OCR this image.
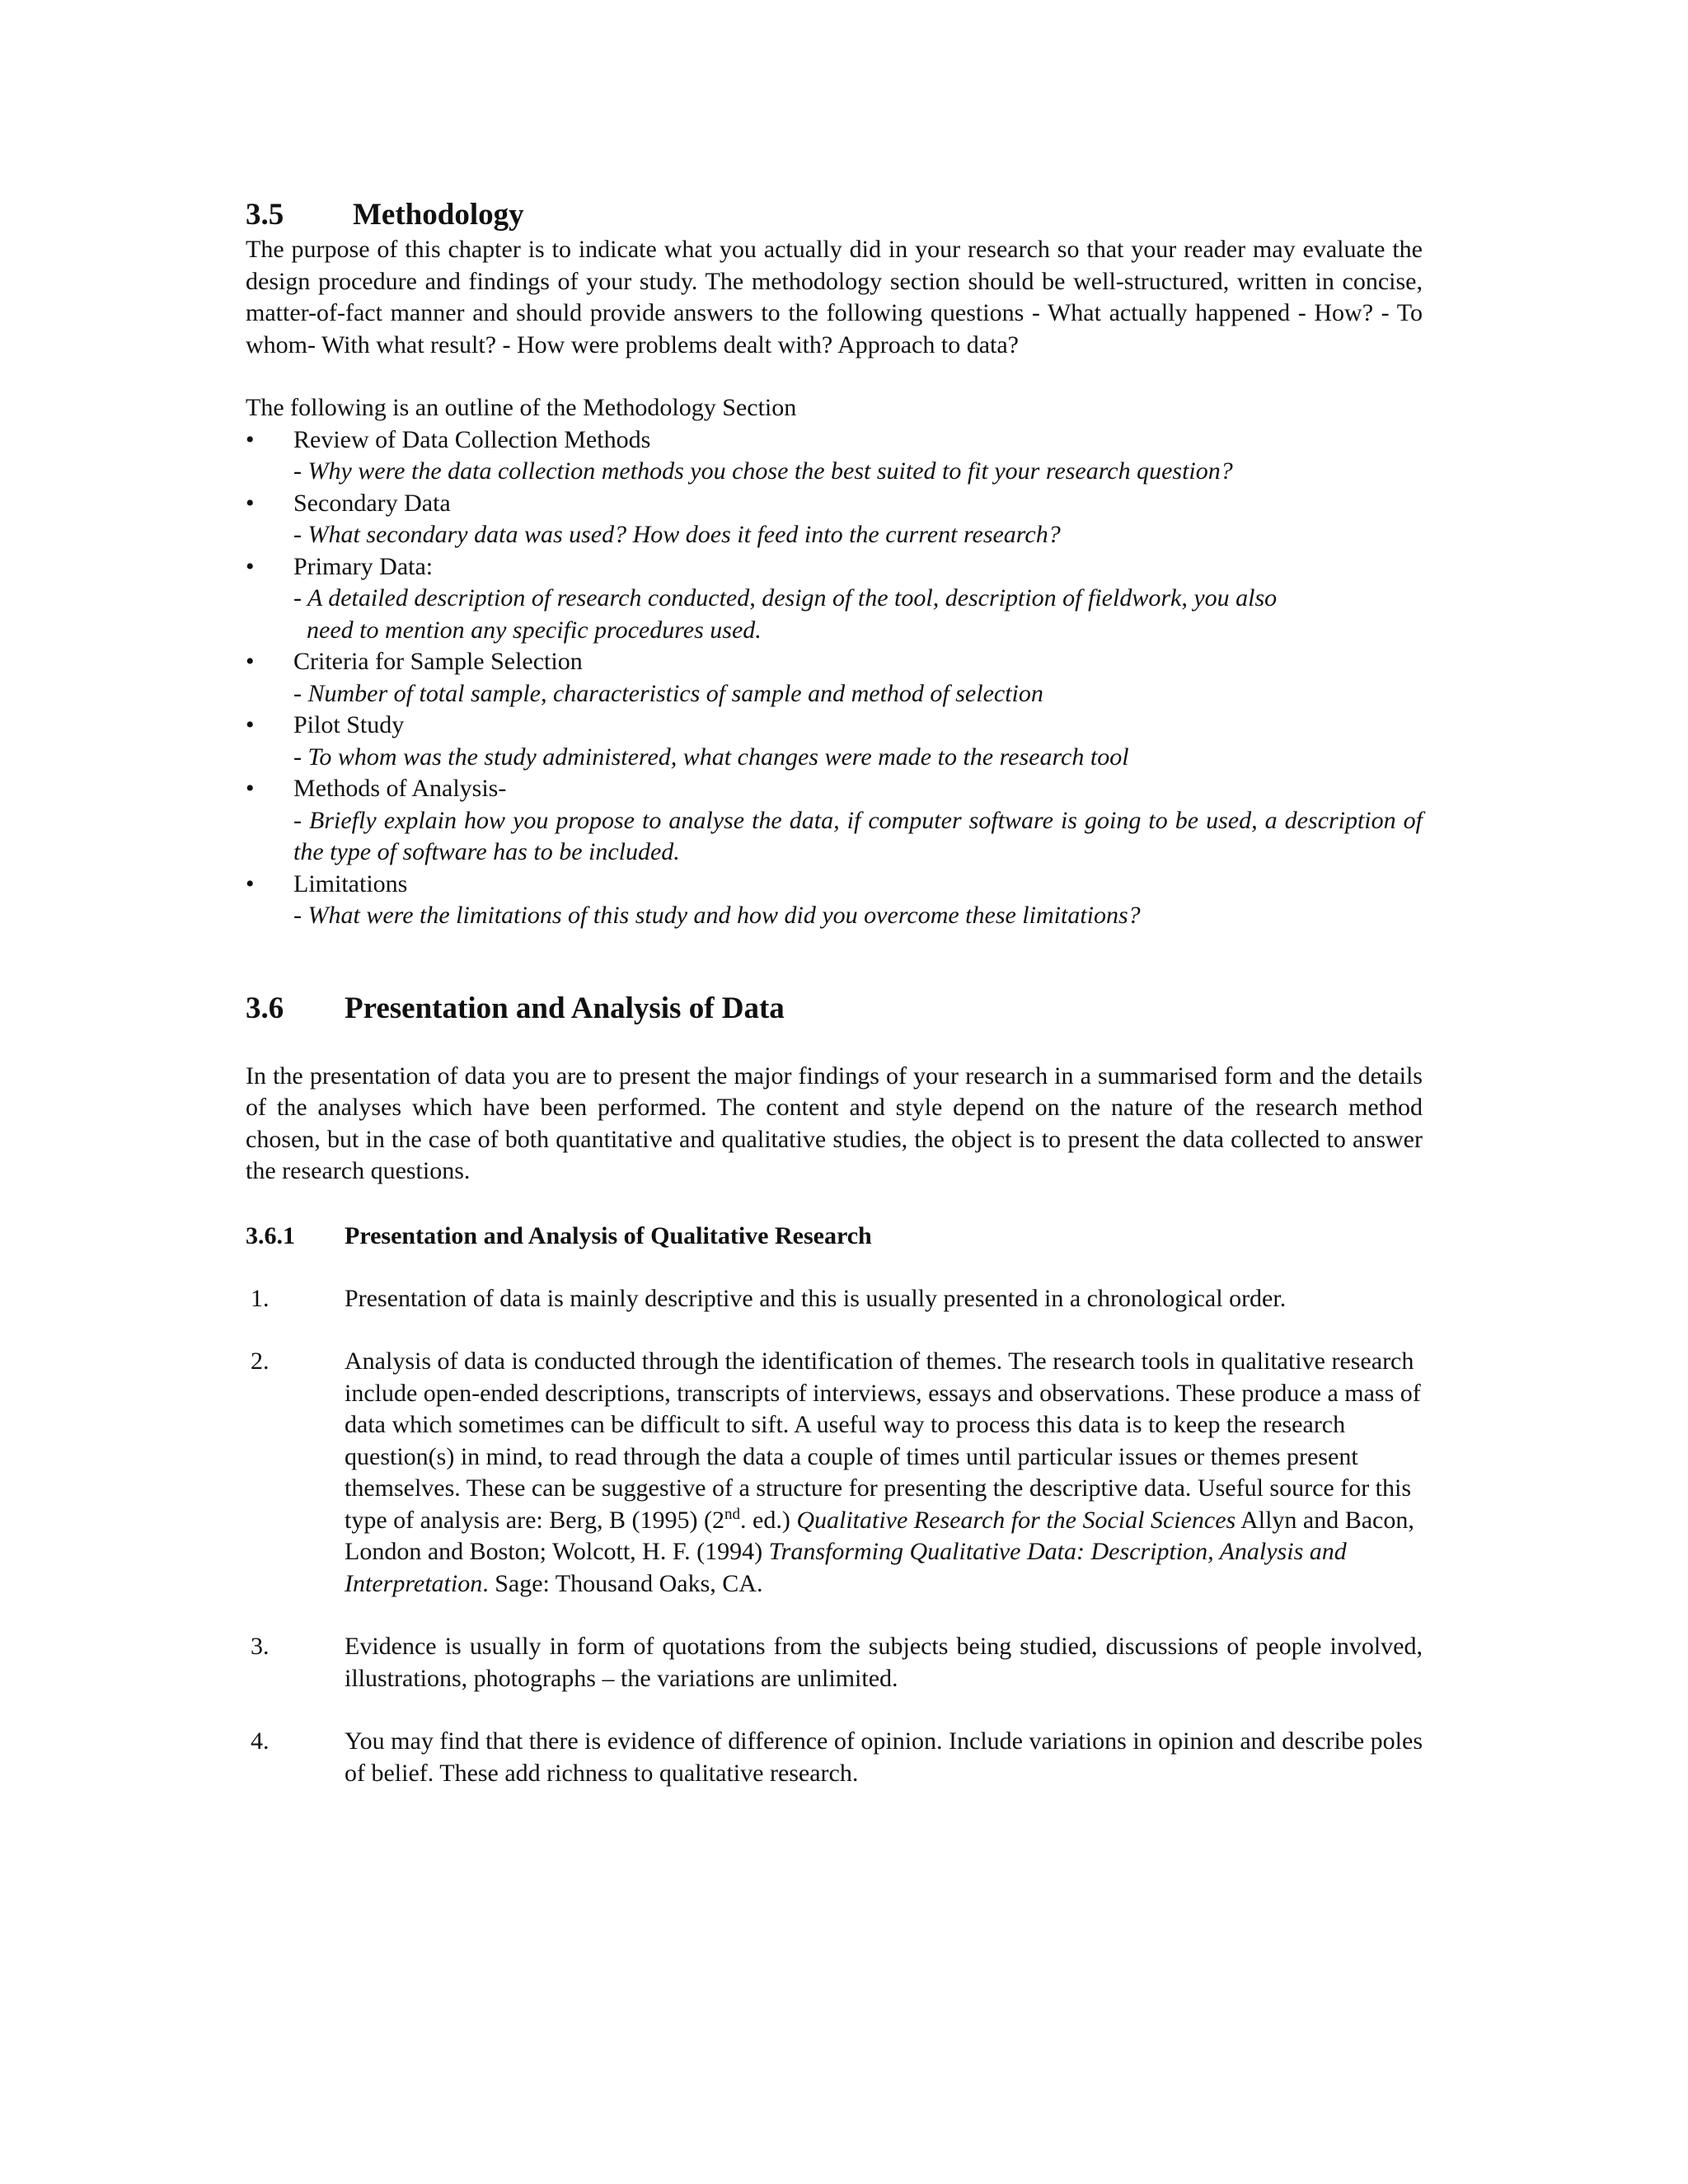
3.5 Methodology

The purpose of this chapter is to indicate what you actually did in your research so that your reader may evaluate the design procedure and findings of your study. The methodology section should be well-structured, written in concise, matter-of-fact manner and should provide answers to the following questions - What actually happened - How? - To whom- With what result? - How were problems dealt with? Approach to data?

The following is an outline of the Methodology Section

• Review of Data Collection Methods
- Why were the data collection methods you chose the best suited to fit your research question?
• Secondary Data
- What secondary data was used? How does it feed into the current research?
• Primary Data:
- A detailed description of research conducted, design of the tool, description of fieldwork, you also
need to mention any specific procedures used.
• Criteria for Sample Selection
- Number of total sample, characteristics of sample and method of selection
• Pilot Study
- To whom was the study administered, what changes were made to the research tool
• Methods of Analysis-
- Briefly explain how you propose to analyse the data, if computer software is going to be used, a description of the type of software has to be included.
• Limitations
- What were the limitations of this study and how did you overcome these limitations?
3.6 Presentation and Analysis of Data

In the presentation of data you are to present the major findings of your research in a summarised form and the details of the analyses which have been performed. The content and style depend on the nature of the research method chosen, but in the case of both quantitative and qualitative studies, the object is to present the data collected to answer the research questions.

3.6.1 Presentation and Analysis of Qualitative Research
1.	Presentation of data is mainly descriptive and this is usually presented in a chronological order.
2.	Analysis of data is conducted through the identification of themes. The research tools in qualitative research include open-ended descriptions, transcripts of interviews, essays and observations. These produce a mass of data which sometimes can be difficult to sift. A useful way to process this data is to keep the research question(s) in mind, to read through the data a couple of times until particular issues or themes present themselves. These can be suggestive of a structure for presenting the descriptive data. Useful source for this type of analysis are: Berg, B (1995) (2nd. ed.) Qualitative Research for the Social Sciences Allyn and Bacon, London and Boston; Wolcott, H. F. (1994) Transforming Qualitative Data: Description, Analysis and Interpretation. Sage: Thousand Oaks, CA.
3.	Evidence is usually in form of quotations from the subjects being studied, discussions of people involved, illustrations, photographs – the variations are unlimited.
4.	You may find that there is evidence of difference of opinion. Include variations in opinion and describe poles of belief. These add richness to qualitative research.
